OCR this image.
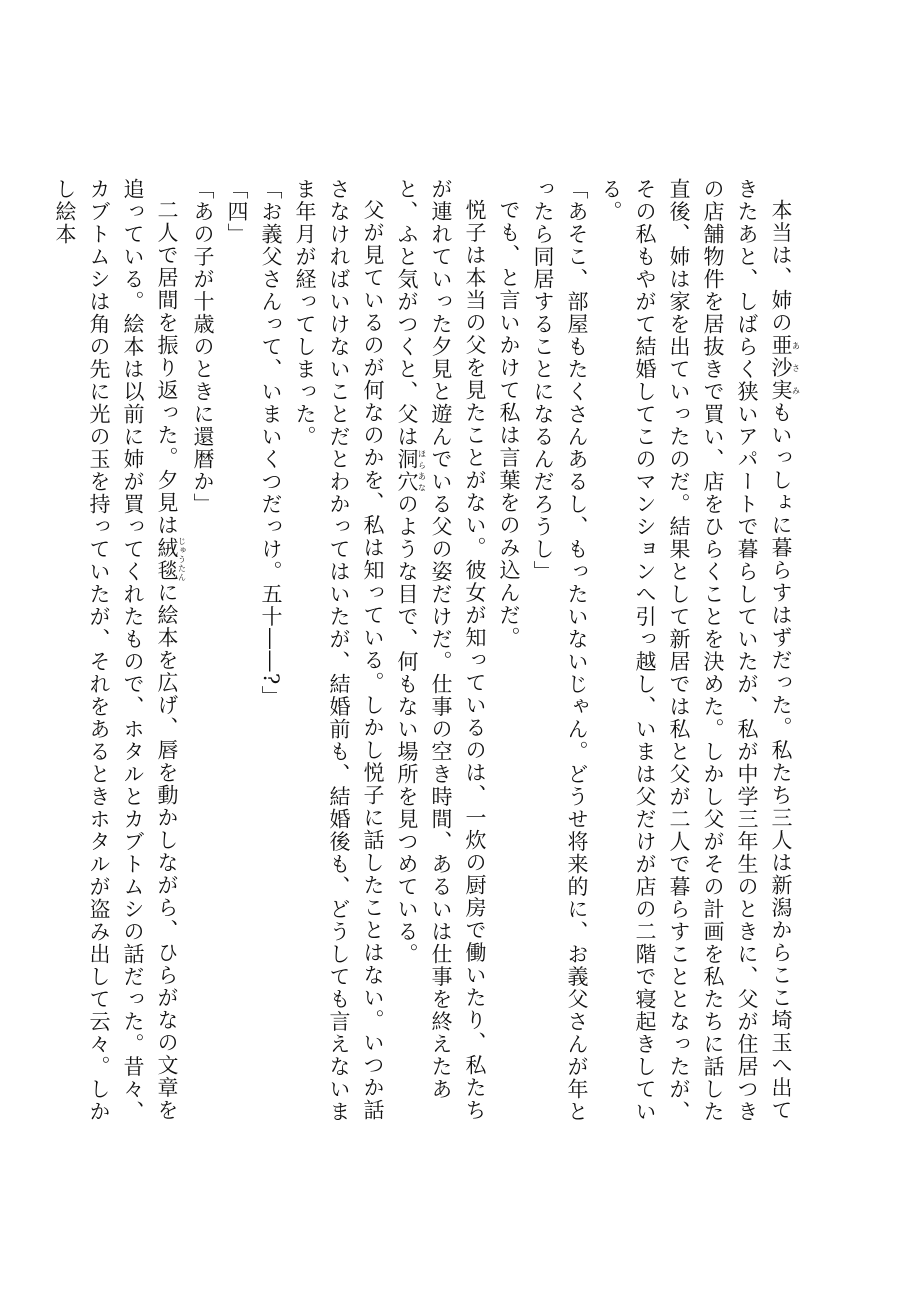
本当は、姉の亜沙実あさみもいっしょに暮らすはずだった。私たち三人は新潟からここ埼玉へ出てきたあと、しばらく狭いアパートで暮らしていたが、私が中学三年生のときに、父が住居つきの店舗物件を居抜きで買い、店をひらくことを決めた。しかし父がその計画を私たちに話した直後、姉は家を出ていったのだ。結果として新居では私と父が二人で暮らすこととなったが、その私もやがて結婚してこのマンションへ引っ越し、いまは父だけが店の二階で寝起きしている。

「あそこ、部屋もたくさんあるし、もったいないじゃん。どうせ将来的に、お義父さんが年とったら同居することになるんだろうし」

でも、と言いかけて私は言葉をのみ込んだ。

悦子は本当の父を見たことがない。彼女が知っているのは、一炊の厨房で働いたり、私たちが連れていった夕見と遊んでいる父の姿だけだ。仕事の空き時間、あるいは仕事を終えたあと、ふと気がつくと、父は洞穴ほらあなのような目で、何もない場所を見つめている。

父が見ているのが何なのかを、私は知っている。しかし悦子に話したことはない。いつか話さなければいけないことだとわかってはいたが、結婚前も、結婚後も、どうしても言えないまま年月が経ってしまった。

「お義父さんって、いまいくつだっけ。五十――?」

「四」

「あの子が十歳のときに還暦か」

二人で居間を振り返った。夕見は絨毯じゅうたんに絵本を広げ、唇を動かしながら、ひらがなの文章を追っている。絵本は以前に姉が買ってくれたもので、ホタルとカブトムシの話だった。昔々、カブトムシは角の先に光の玉を持っていたが、それをあるときホタルが盗み出して云々。しかし絵本
